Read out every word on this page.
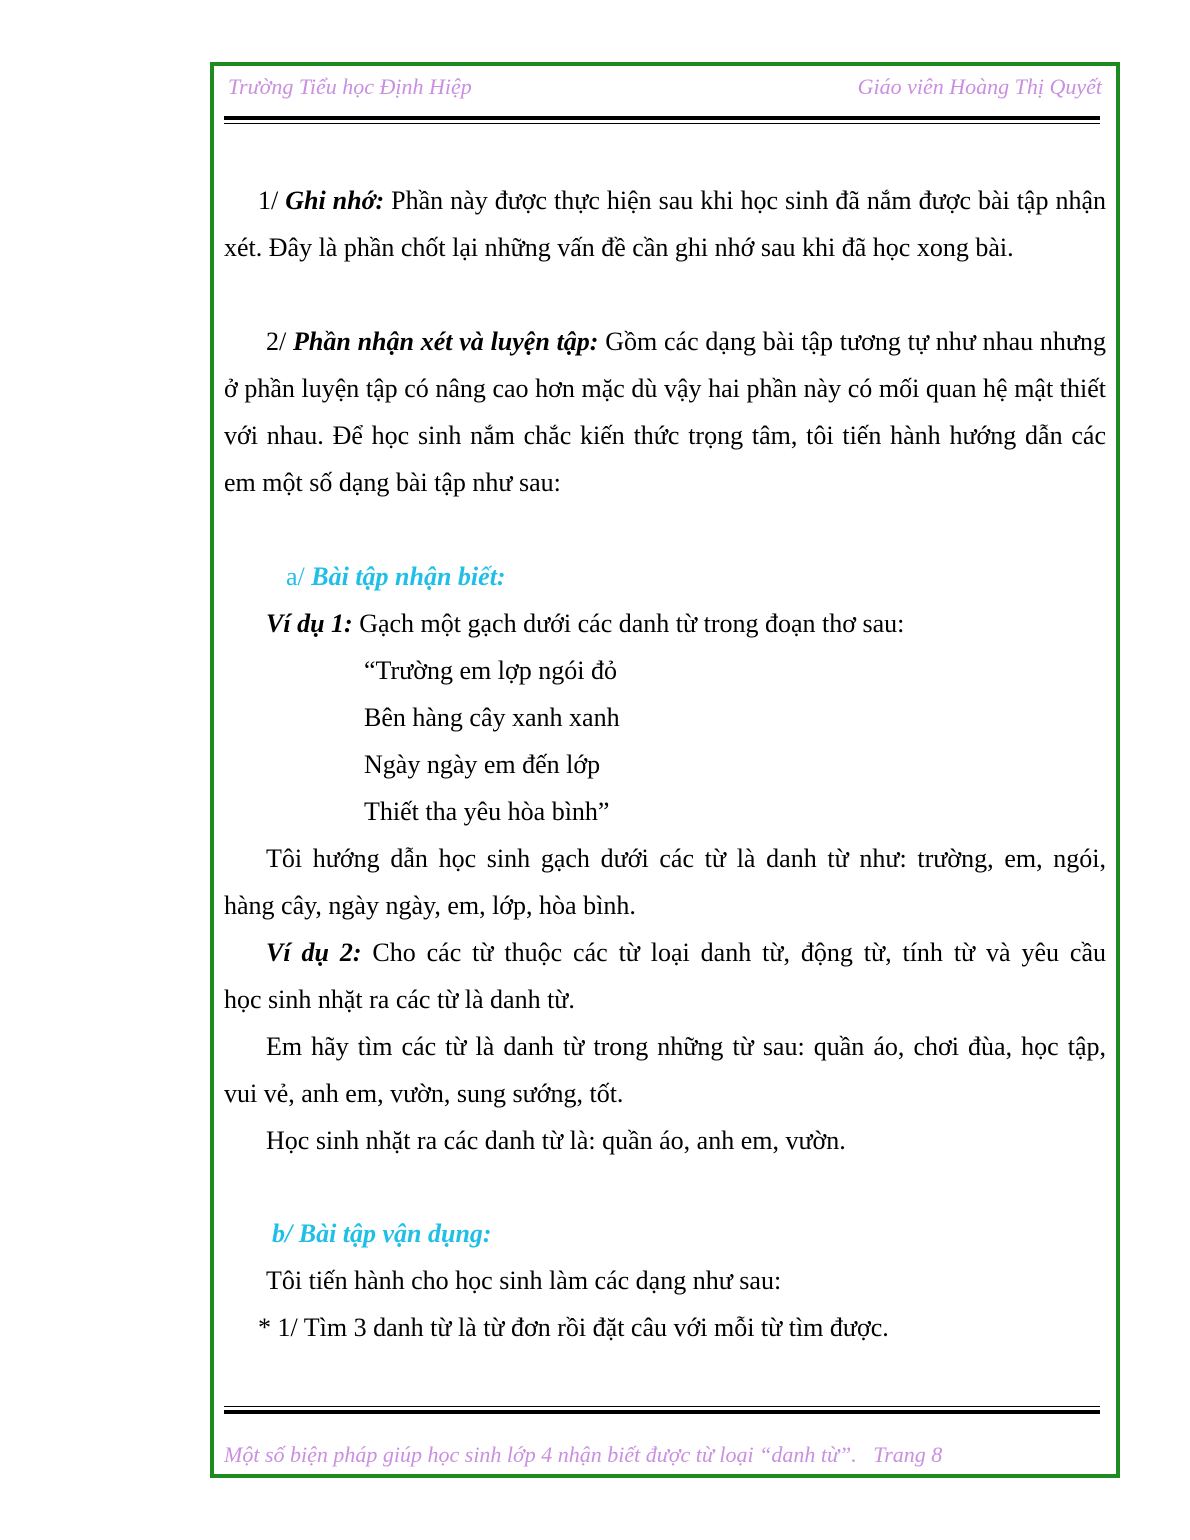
Trường Tiểu học Định Hiệp	Giáo viên Hoàng Thị Quyết
1/ Ghi nhớ: Phần này được thực hiện sau khi học sinh đã nắm được bài tập nhận xét. Đây là phần chốt lại những vấn đề cần ghi nhớ sau khi đã học xong bài.
2/ Phần nhận xét và luyện tập: Gồm các dạng bài tập tương tự như nhau nhưng ở phần luyện tập có nâng cao hơn mặc dù vậy hai phần này có mối quan hệ mật thiết với nhau. Để học sinh nắm chắc kiến thức trọng tâm, tôi tiến hành hướng dẫn các em một số dạng bài tập như sau:
a/ Bài tập nhận biết:
Ví dụ 1: Gạch một gạch dưới các danh từ trong đoạn thơ sau:
“Trường em lợp ngói đỏ
Bên hàng cây xanh xanh
Ngày ngày em đến lớp
Thiết tha yêu hòa bình”
Tôi hướng dẫn học sinh gạch dưới các từ là danh từ như: trường, em, ngói,
hàng cây, ngày ngày, em, lớp, hòa bình.
Ví dụ 2: Cho các từ thuộc các từ loại danh từ, động từ, tính từ và yêu cầu
học sinh nhặt ra các từ là danh từ.
Em hãy tìm các từ là danh từ trong những từ sau: quần áo, chơi đùa, học tập,
vui vẻ, anh em, vườn, sung sướng, tốt.
Học sinh nhặt ra các danh từ là: quần áo, anh em, vườn.
b/ Bài tập vận dụng:
Tôi tiến hành cho học sinh làm các dạng như sau:
* 1/ Tìm 3 danh từ là từ đơn rồi đặt câu với mỗi từ tìm được.
Một số biện pháp giúp học sinh lớp 4 nhận biết được từ loại “danh từ”. Trang 8
